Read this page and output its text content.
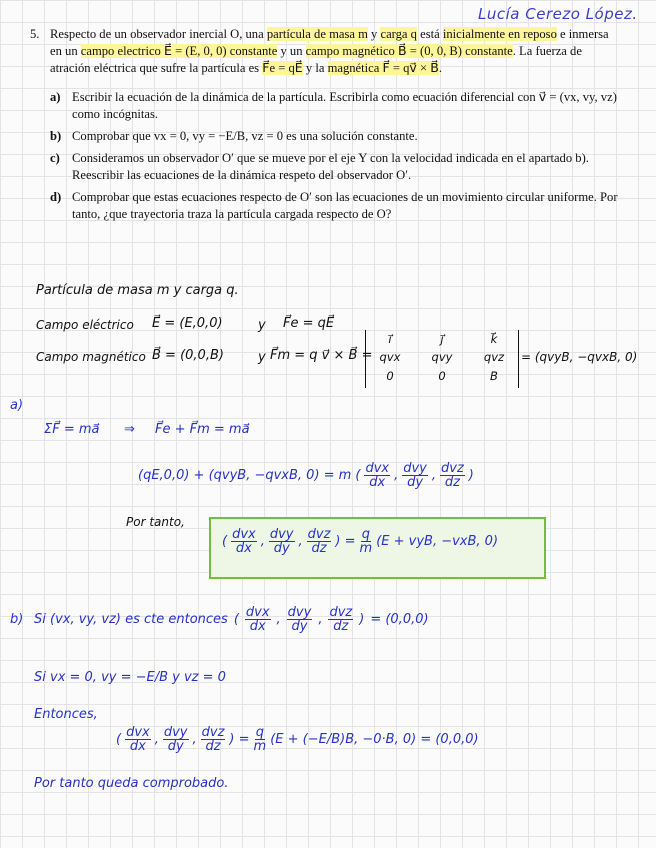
Lucía Cerezo López.
5. Respecto de un observador inercial O, una partícula de masa m y carga q está inicialmente en reposo e inmersa en un campo electrico E⃗ = (E, 0, 0) constante y un campo magnético B⃗ = (0, 0, B) constante. La fuerza de atración eléctrica que sufre la partícula es F⃗e = qE⃗ y la magnética F⃗ = qv⃗ × B⃗.

a) Escribir la ecuación de la dinámica de la partícula. Escribirla como ecuación diferencial con v⃗ = (vx, vy, vz) como incógnitas.
b) Comprobar que vx = 0, vy = −E/B, vz = 0 es una solución constante.
c) Consideramos un observador O′ que se mueve por el eje Y con la velocidad indicada en el apartado b). Reescribir las ecuaciones de la dinámica respeto del observador O′.
d) Comprobar que estas ecuaciones respecto de O′ son las ecuaciones de un movimiento circular uniforme. Por tanto, ¿que trayectoria traza la partícula cargada respecto de O?
Partícula de masa m y carga q.
Campo eléctrico E⃗ = (E,0,0)	y F⃗e = qE⃗
Campo magnético B⃗ = (0,0,B)	y F⃗m = q v⃗ × B⃗ =
i⃗	j⃗	k⃗
qvx	qvy	qvz
0	0	B
= (qvyB, −qvxB, 0)
a)
ΣF⃗ = ma⃗ ⇒ F⃗e + F⃗m = ma⃗
(qE,0,0) + (qvyB, −qvxB, 0) = m ( $\frac{\text{dvx}}{dx}$ , $\frac{\text{dvy}}{dy}$ , $\frac{\text{dvz}}{dz}$ )
Por tanto,
( $\frac{\text{dvx}}{dx}$ , $\frac{\text{dvy}}{dy}$ , $\frac{\text{dvz}}{dz}$ ) = $\frac{q}{m} (E$ + vyB, −vxB, 0)
b) Si (vx, vy, vz) es cte entonces ( $\frac{\text{dvx}}{dx}$ , $\frac{\text{dvy}}{dy}$ , $\frac{\text{dvz}}{dz}$ ) = (0,0,0)
Si vx = 0, vy = −E/B y vz = 0
Entonces,
( $\frac{\text{dvx}}{dx}$ , $\frac{\text{dvy}}{dy}$ , $\frac{\text{dvz}}{dz}$ ) = $\frac{q}{m} (E + (-E/B)B$, −0·B, 0) = (0,0,0)
Por tanto queda comprobado.
